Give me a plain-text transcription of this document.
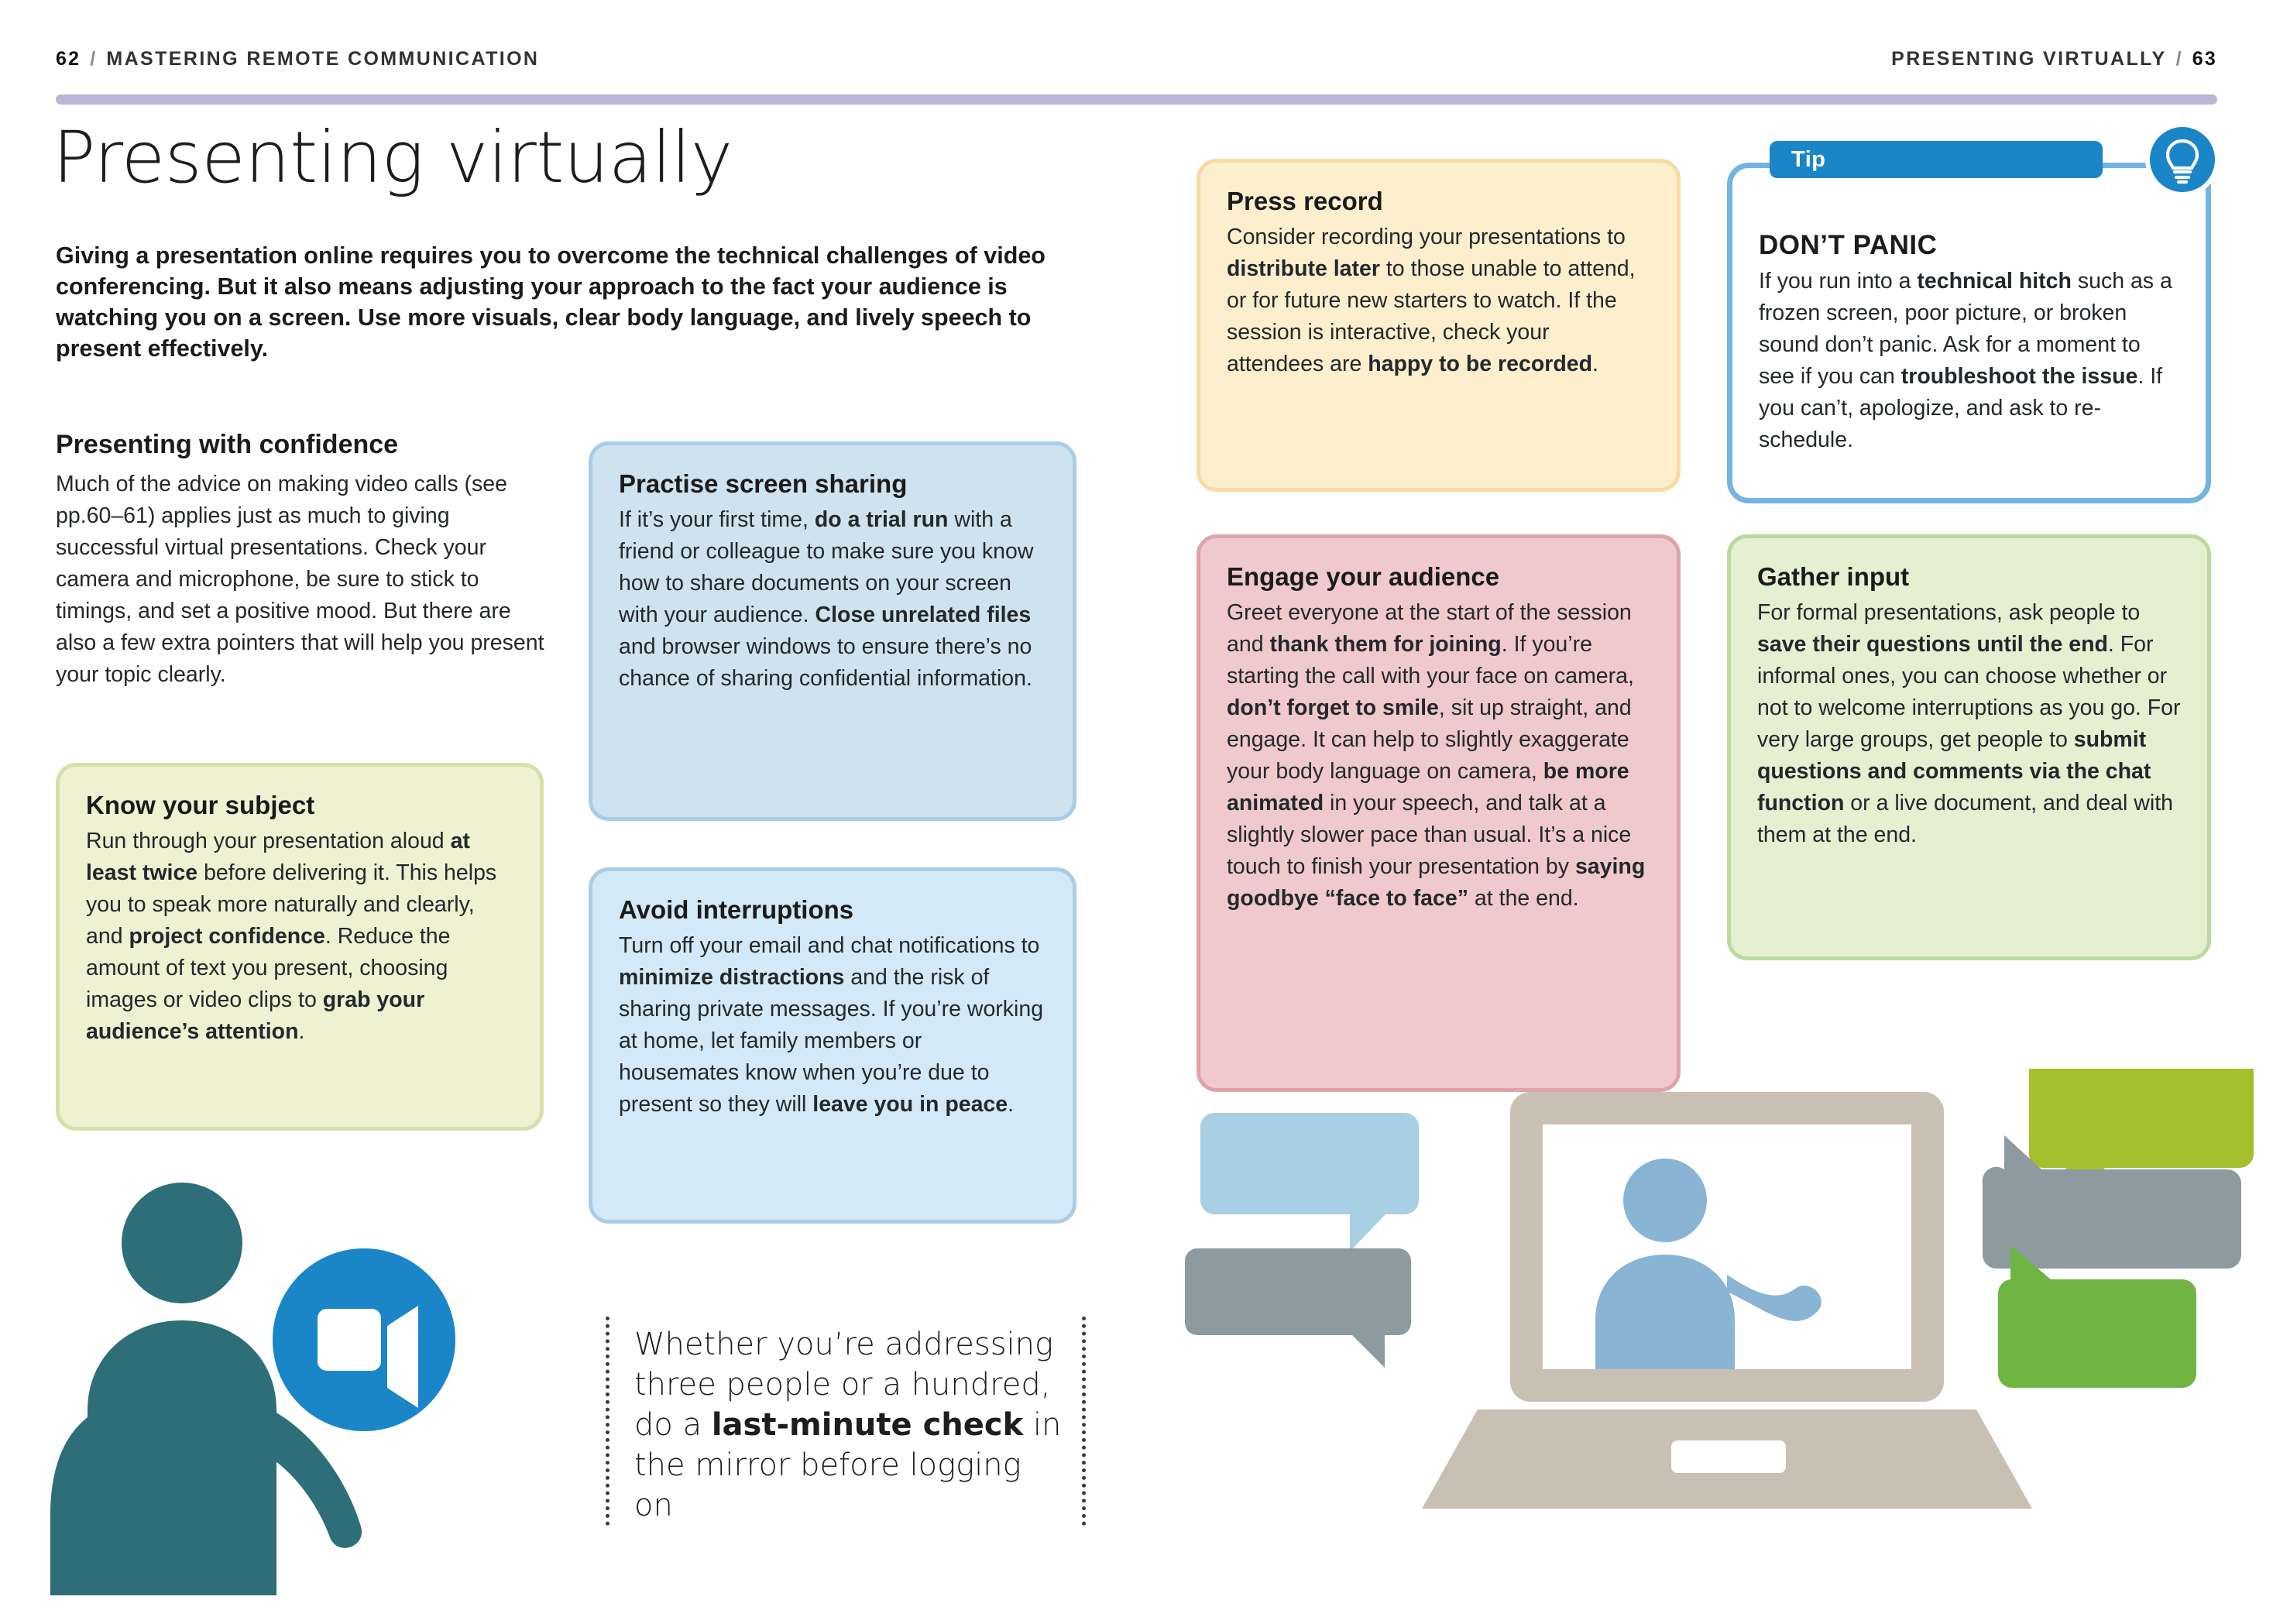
62 / MASTERING REMOTE COMMUNICATION	PRESENTING VIRTUALLY / 63
Presenting virtually
Giving a presentation online requires you to overcome the technical challenges of video conferencing. But it also means adjusting your approach to the fact your audience is watching you on a screen. Use more visuals, clear body language, and lively speech to present effectively.
Presenting with confidence
Much of the advice on making video calls (see pp.60–61) applies just as much to giving successful virtual presentations. Check your camera and microphone, be sure to stick to timings, and set a positive mood. But there are also a few extra pointers that will help you present your topic clearly.
Know your subject

Run through your presentation aloud at least twice before delivering it. This helps you to speak more naturally and clearly, and project confidence. Reduce the amount of text you present, choosing images or video clips to grab your audience’s attention.

Practise screen sharing

If it’s your first time, do a trial run with a friend or colleague to make sure you know how to share documents on your screen with your audience. Close unrelated files and browser windows to ensure there’s no chance of sharing confidential information.

Avoid interruptions

Turn off your email and chat notifications to minimize distractions and the risk of sharing private messages. If you’re working at home, let family members or housemates know when you’re due to present so they will leave you in peace.

Press record

Consider recording your presentations to distribute later to those unable to attend, or for future new starters to watch. If the session is interactive, check your attendees are happy to be recorded.

Engage your audience

Greet everyone at the start of the session and thank them for joining. If you’re starting the call with your face on camera, don’t forget to smile, sit up straight, and engage. It can help to slightly exaggerate your body language on camera, be more animated in your speech, and talk at a slightly slower pace than usual. It’s a nice touch to finish your presentation by saying goodbye “face to face” at the end.

Gather input

For formal presentations, ask people to save their questions until the end. For informal ones, you can choose whether or not to welcome interruptions as you go. For very large groups, get people to submit questions and comments via the chat function or a live document, and deal with them at the end.

DON’T PANIC

If you run into a technical hitch such as a frozen screen, poor picture, or broken sound don’t panic. Ask for a moment to see if you can troubleshoot the issue. If you can’t, apologize, and ask to re-schedule.

Tip
Whether you’re addressing three people or a hundred, do a last-minute check in the mirror before logging on
